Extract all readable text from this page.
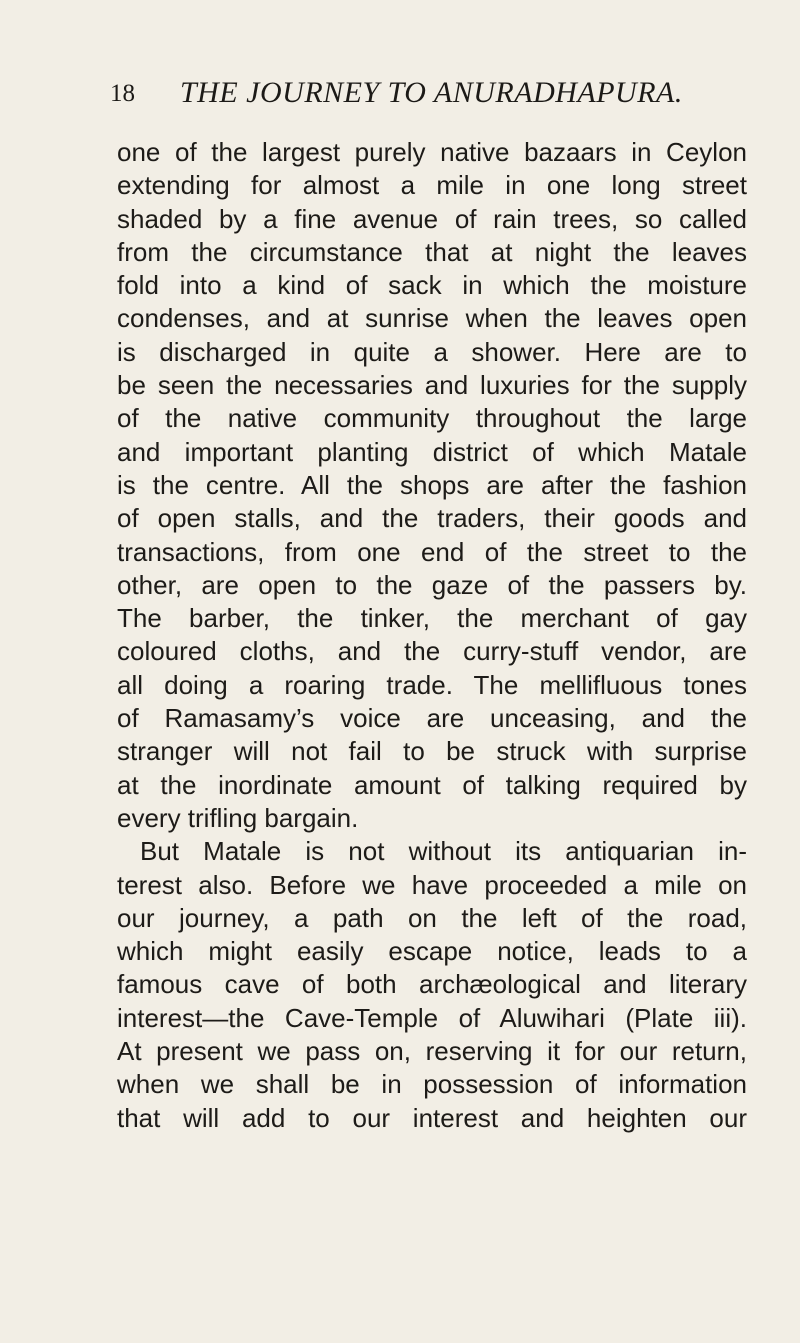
18 THE JOURNEY TO ANURADHAPURA.
one of the largest purely native bazaars in Ceylon
extending for almost a mile in one long street
shaded by a fine avenue of rain trees, so called
from the circumstance that at night the leaves
fold into a kind of sack in which the moisture
condenses, and at sunrise when the leaves open
is discharged in quite a shower. Here are to
be seen the necessaries and luxuries for the supply
of the native community throughout the large
and important planting district of which Matale
is the centre. All the shops are after the fashion
of open stalls, and the traders, their goods and
transactions, from one end of the street to the
other, are open to the gaze of the passers by.
The barber, the tinker, the merchant of gay
coloured cloths, and the curry-stuff vendor, are
all doing a roaring trade. The mellifluous tones
of Ramasamy’s voice are unceasing, and the
stranger will not fail to be struck with surprise
at the inordinate amount of talking required by
every trifling bargain.
But Matale is not without its antiquarian in-
terest also. Before we have proceeded a mile on
our journey, a path on the left of the road,
which might easily escape notice, leads to a
famous cave of both archæological and literary
interest—the Cave-Temple of Aluwihari (Plate iii).
At present we pass on, reserving it for our return,
when we shall be in possession of information
that will add to our interest and heighten our
